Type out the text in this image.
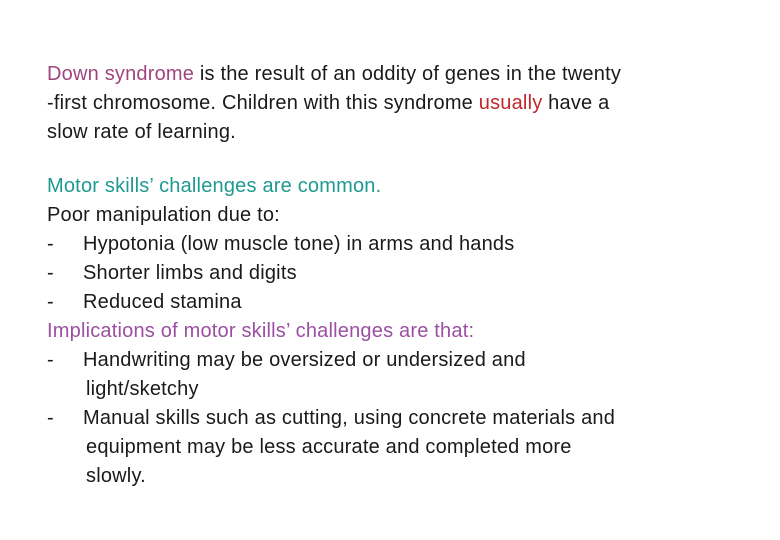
Down syndrome is the result of an oddity of genes in the twenty
-first chromosome. Children with this syndrome usually have a
slow rate of learning.
Motor skills’ challenges are common.
Poor manipulation due to:
- Hypotonia (low muscle tone) in arms and hands
- Shorter limbs and digits
- Reduced stamina
Implications of motor skills’ challenges are that:
- Handwriting may be oversized or undersized and
light/sketchy
- Manual skills such as cutting, using concrete materials and
equipment may be less accurate and completed more
slowly.
